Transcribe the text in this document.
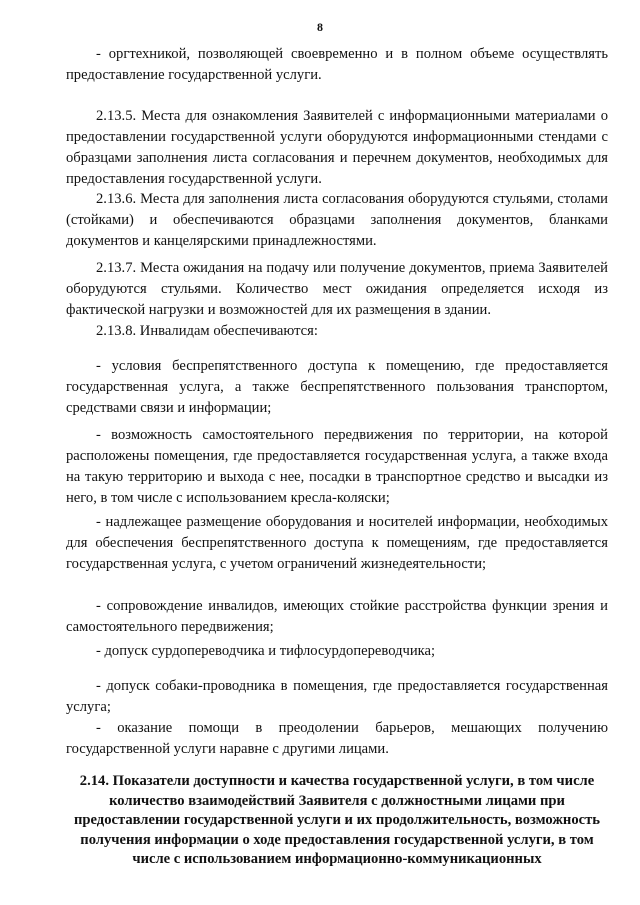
8

- оргтехникой, позволяющей своевременно и в полном объеме осуществлять предоставление государственной услуги.

2.13.5. Места для ознакомления Заявителей с информационными материалами о предоставлении государственной услуги оборудуются информационными стендами с образцами заполнения листа согласования и перечнем документов, необходимых для предоставления государственной услуги.

2.13.6. Места для заполнения листа согласования оборудуются стульями, столами (стойками) и обеспечиваются образцами заполнения документов, бланками документов и канцелярскими принадлежностями.

2.13.7. Места ожидания на подачу или получение документов, приема Заявителей оборудуются стульями. Количество мест ожидания определяется исходя из фактической нагрузки и возможностей для их размещения в здании.

2.13.8. Инвалидам обеспечиваются:

- условия беспрепятственного доступа к помещению, где предоставляется государственная услуга, а также беспрепятственного пользования транспортом, средствами связи и информации;

- возможность самостоятельного передвижения по территории, на которой расположены помещения, где предоставляется государственная услуга, а также входа на такую территорию и выхода с нее, посадки в транспортное средство и высадки из него, в том числе с использованием кресла-коляски;

- надлежащее размещение оборудования и носителей информации, необходимых для обеспечения беспрепятственного доступа к помещениям, где предоставляется государственная услуга, с учетом ограничений жизнедеятельности;

- сопровождение инвалидов, имеющих стойкие расстройства функции зрения и самостоятельного передвижения;

- допуск сурдопереводчика и тифлосурдопереводчика;

- допуск собаки-проводника в помещения, где предоставляется государственная услуга;

- оказание помощи в преодолении барьеров, мешающих получению государственной услуги наравне с другими лицами.

2.14. Показатели доступности и качества государственной услуги, в том числе количество взаимодействий Заявителя с должностными лицами при предоставлении государственной услуги и их продолжительность, возможность получения информации о ходе предоставления государственной услуги, в том числе с использованием информационно-коммуникационных
